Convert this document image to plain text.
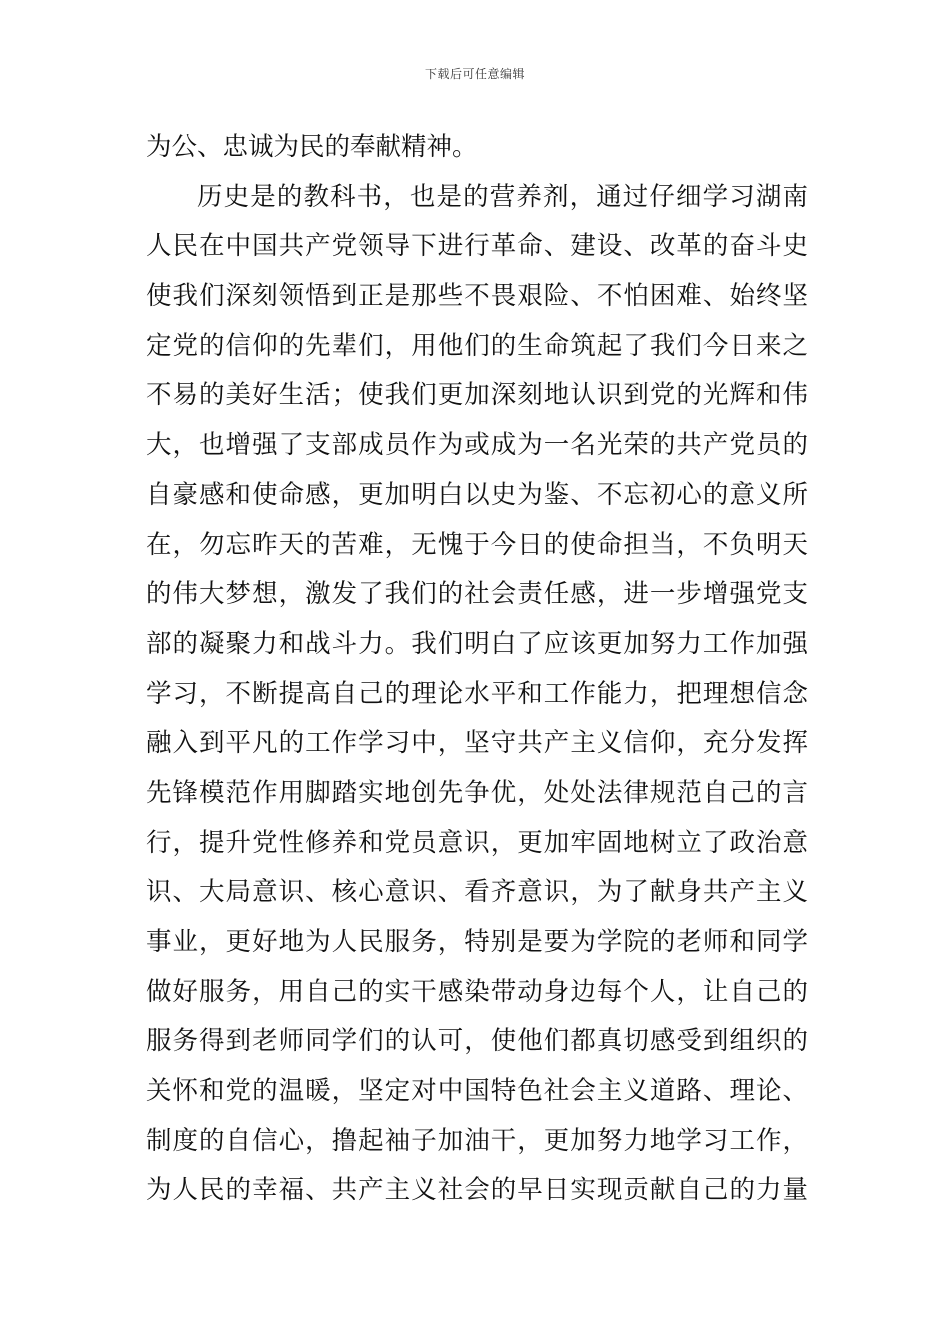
下载后可任意编辑
为公、忠诚为民的奉献精神。
历史是的教科书，也是的营养剂，通过仔细学习湖南
人民在中国共产党领导下进行革命、建设、改革的奋斗史
使我们深刻领悟到正是那些不畏艰险、不怕困难、始终坚
定党的信仰的先辈们，用他们的生命筑起了我们今日来之
不易的美好生活；使我们更加深刻地认识到党的光辉和伟
大，也增强了支部成员作为或成为一名光荣的共产党员的
自豪感和使命感，更加明白以史为鉴、不忘初心的意义所
在，勿忘昨天的苦难，无愧于今日的使命担当，不负明天
的伟大梦想，激发了我们的社会责任感，进一步增强党支
部的凝聚力和战斗力。我们明白了应该更加努力工作加强
学习，不断提高自己的理论水平和工作能力，把理想信念
融入到平凡的工作学习中，坚守共产主义信仰，充分发挥
先锋模范作用脚踏实地创先争优，处处法律规范自己的言
行，提升党性修养和党员意识，更加牢固地树立了政治意
识、大局意识、核心意识、看齐意识，为了献身共产主义
事业，更好地为人民服务，特别是要为学院的老师和同学
做好服务，用自己的实干感染带动身边每个人，让自己的
服务得到老师同学们的认可，使他们都真切感受到组织的
关怀和党的温暖，坚定对中国特色社会主义道路、理论、
制度的自信心，撸起袖子加油干，更加努力地学习工作，
为人民的幸福、共产主义社会的早日实现贡献自己的力量
